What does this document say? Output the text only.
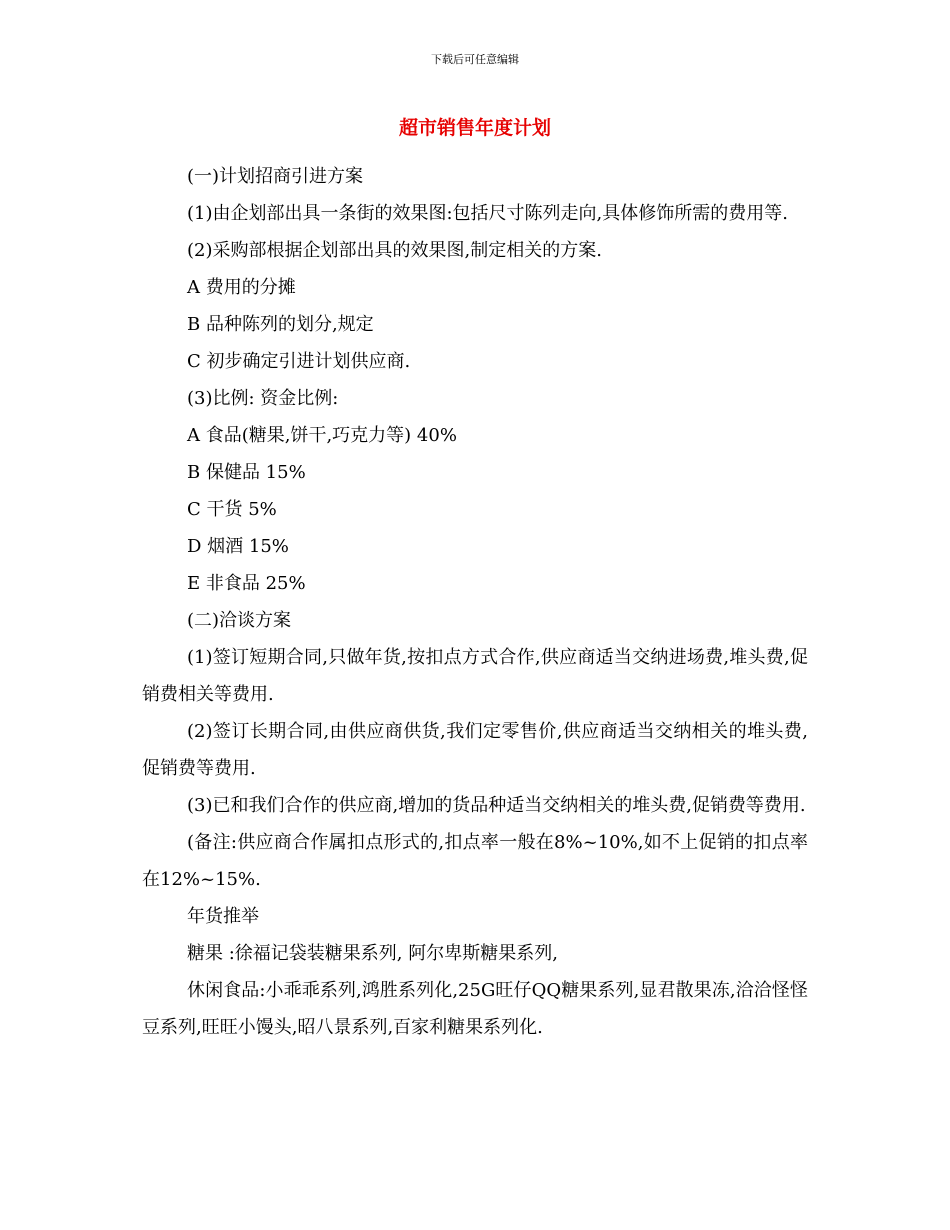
下载后可任意编辑
超市销售年度计划

(一)计划招商引进方案

(1)由企划部出具一条街的效果图:包括尺寸陈列走向,具体修饰所需的费用等.

(2)采购部根据企划部出具的效果图,制定相关的方案.

A 费用的分摊

B 品种陈列的划分,规定

C 初步确定引进计划供应商.

(3)比例: 资金比例:

A 食品(糖果,饼干,巧克力等) 40%

B 保健品 15%

C 干货 5%

D 烟酒 15%

E 非食品 25%

(二)洽谈方案

(1)签订短期合同,只做年货,按扣点方式合作,供应商适当交纳进场费,堆头费,促销费相关等费用.

(2)签订长期合同,由供应商供货,我们定零售价,供应商适当交纳相关的堆头费,促销费等费用.

(3)已和我们合作的供应商,增加的货品种适当交纳相关的堆头费,促销费等费用.

(备注:供应商合作属扣点形式的,扣点率一般在8%~10%,如不上促销的扣点率在12%~15%.

年货推举

糖果 :徐福记袋装糖果系列, 阿尔卑斯糖果系列,

休闲食品:小乖乖系列,鸿胜系列化,25G旺仔QQ糖果系列,显君散果冻,洽洽怪怪豆系列,旺旺小馒头,昭八景系列,百家利糖果系列化.
